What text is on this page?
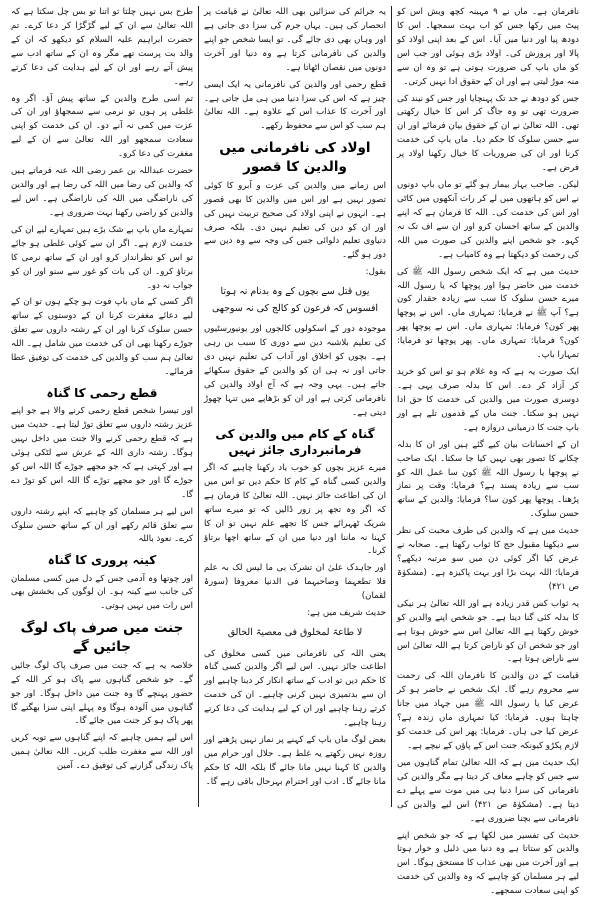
نافرمان ہے۔ ماں نے ۹ مہینہ کچھ ویش اس کو پیٹ میں رکھا جس کو اب بہت سمجھا۔ اس کا دودھ پیا اور دنیا میں آیا۔ اس کے بعد اپنی اولاد کو پالا اور پرورش کی۔ اولاد بڑی ہوئی اور جب اس کو ماں باپ کی ضرورت ہوتی ہے تو وہ ان سے منہ موڑ لیتی ہے اور ان کے حقوق ادا نہیں کرتی۔

جس کو دودھ نے حد تک پہنچایا اور جس کو نیند کی ضرورت تھی تو وہ جاگ کر اس کا خیال رکھتی تھی۔ اللہ تعالیٰ نے ان کے حقوق بیان فرمائے اور ان سے حسن سلوک کا حکم دیا۔ ماں باپ کی خدمت کرنا اور ان کی ضروریات کا خیال رکھنا اولاد پر فرض ہے۔

لیکن۔ صاحب بہار بیمار ہو گئے تو ماں باپ دونوں نے اس کو ہاتھوں میں لے کر رات آنکھوں میں کاٹی اور اس کی خدمت کی۔ اللہ کا فرمان ہے کہ اپنے والدین کے ساتھ احسان کرو اور ان سے اف تک نہ کہو۔ جو شخص اپنے والدین کی صورت میں اللہ کی رحمت کو دیکھتا ہے وہ کامیاب ہے۔

حدیث میں ہے کہ ایک شخص رسول اللہ ﷺ کی خدمت میں حاضر ہوا اور پوچھا کہ یا رسول اللہ میرے حسن سلوک کا سب سے زیادہ حقدار کون ہے؟ آپ ﷺ نے فرمایا: تمہاری ماں۔ اس نے پوچھا پھر کون؟ فرمایا: تمہاری ماں۔ اس نے پوچھا پھر کون؟ فرمایا: تمہاری ماں۔ پھر پوچھا تو فرمایا: تمہارا باپ۔

ایک صورت یہ ہے کہ وہ غلام ہو تو اس کو خرید کر آزاد کر دے۔ اس کا بدلہ صرف یہی ہے۔ دوسری صورت میں والدین کی خدمت کا حق ادا نہیں ہو سکتا۔ جنت ماں کے قدموں تلے ہے اور باپ جنت کا درمیانی دروازہ ہے۔

ان کے احسانات بیان کیے گئے ہیں اور ان کا بدلہ چکانے کا تصور بھی نہیں کیا جا سکتا۔ ایک صاحب نے پوچھا یا رسول اللہ ﷺ کون سا عمل اللہ کو سب سے زیادہ پسند ہے؟ فرمایا: وقت پر نماز پڑھنا۔ پوچھا پھر کون سا؟ فرمایا: والدین کے ساتھ حسن سلوک۔

حدیث میں ہے کہ والدین کی طرف محبت کی نظر سے دیکھنا مقبول حج کا ثواب رکھتا ہے۔ صحابہ نے عرض کیا اگر کوئی دن میں سو مرتبہ دیکھے؟ فرمایا: اللہ بہت بڑا اور بہت پاکیزہ ہے۔ (مشکوٰۃ ص ۴۲۱)

یہ ثواب کس قدر زیادہ ہے اور اللہ تعالیٰ ہر نیکی کا بدلہ کئی گنا دیتا ہے۔ جو شخص اپنے والدین کو خوش رکھتا ہے اللہ تعالیٰ اس سے خوش ہوتا ہے اور جو شخص ان کو ناراض کرتا ہے اللہ تعالیٰ اس سے ناراض ہوتا ہے۔

قیامت کے دن والدین کا نافرمان اللہ کی رحمت سے محروم رہے گا۔ ایک شخص نے حاضر ہو کر عرض کیا یا رسول اللہ ﷺ میں جہاد میں جانا چاہتا ہوں۔ فرمایا: کیا تمہاری ماں زندہ ہے؟ عرض کیا جی ہاں۔ فرمایا: پھر اس کی خدمت کو لازم پکڑو کیونکہ جنت اس کے پاؤں کے نیچے ہے۔

ایک حدیث میں ہے کہ اللہ تعالیٰ تمام گناہوں میں سے جس کو چاہے معاف کر دیتا ہے مگر والدین کی نافرمانی کی سزا دنیا ہی میں موت سے پہلے دے دیتا ہے۔ (مشکوٰۃ ص ۴۲۱) اس لیے والدین کی نافرمانی سے بچنا ضروری ہے۔

حدیث کی تفسیر میں لکھا ہے کہ جو شخص اپنے والدین کو ستاتا ہے وہ دنیا میں ذلیل و خوار ہوتا ہے اور آخرت میں بھی عذاب کا مستحق ہوگا۔ اس لیے ہر مسلمان کو چاہیے کہ وہ والدین کی خدمت کو اپنی سعادت سمجھے۔

یہ جرائم کی سزائیں بھی اللہ تعالیٰ نے قیامت پر انحصار کی ہیں۔ یہاں جرم کی سزا دی جاتی ہے اور وہاں بھی دی جائے گی۔ تو ایسا شخص جو اپنے والدین کی نافرمانی کرتا ہے وہ دنیا اور آخرت دونوں میں نقصان اٹھاتا ہے۔

قطع رحمی اور والدین کی نافرمانی یہ ایک ایسی چیز ہے کہ اس کی سزا دنیا میں ہی مل جاتی ہے۔ اور آخرت کا عذاب اس کے علاوہ ہے۔ اللہ تعالیٰ ہم سب کو اس سے محفوظ رکھے۔

اولاد کی نافرمانی میں والدین کا قصور

اس زمانے میں والدین کی عزت و آبرو کا کوئی تصور نہیں ہے اور اس میں والدین کا بھی قصور ہے۔ انہوں نے اپنی اولاد کی صحیح تربیت نہیں کی اور ان کو دین کی تعلیم نہیں دی۔ بلکہ صرف دنیاوی تعلیم دلوائی جس کی وجہ سے وہ دین سے دور ہو گئے۔

بقول:

یوں قتل سے بچوں کے وہ بدنام نہ ہوتا افسوس کہ فرعون کو کالج کی نہ سوجھی

موجودہ دور کے اسکولوں کالجوں اور یونیورسٹیوں کی تعلیم بلاشبہ دین سے دوری کا سبب بن رہی ہے۔ بچوں کو اخلاق اور آداب کی تعلیم نہیں دی جاتی اور نہ ہی ان کو والدین کے حقوق سکھائے جاتے ہیں۔ یہی وجہ ہے کہ آج اولاد والدین کی نافرمانی کرتی ہے اور ان کو بڑھاپے میں تنہا چھوڑ دیتی ہے۔

گناہ کے کام میں والدین کی فرمانبرداری جائز نہیں

میرے عزیز بچوں کو خوب یاد رکھنا چاہیے کہ اگر والدین کسی گناہ کے کام کا حکم دیں تو اس میں ان کی اطاعت جائز نہیں۔ اللہ تعالیٰ کا فرمان ہے کہ اگر وہ تجھ پر زور ڈالیں کہ تو میرے ساتھ شریک ٹھہرائے جس کا تجھے علم نہیں تو ان کا کہنا نہ ماننا اور دنیا میں ان کے ساتھ اچھا برتاؤ کرنا۔

اور جاہدک علیٰ ان تشرک بی ما لیس لک بہ علم فلا تطعہما وصاحبہما فی الدنیا معروفا (سورۂ لقمان)

حدیث شریف میں ہے:

لا طاعۃ لمخلوق فی معصیۃ الخالق

یعنی اللہ کی نافرمانی میں کسی مخلوق کی اطاعت جائز نہیں۔ اس لیے اگر والدین کسی گناہ کا حکم دیں تو ادب کے ساتھ انکار کر دینا چاہیے اور ان سے بدتمیزی نہیں کرنی چاہیے۔ ان کی خدمت کرتے رہنا چاہیے اور ان کے لیے ہدایت کی دعا کرتے رہنا چاہیے۔

بعض لوگ ماں باپ کے کہنے پر نماز نہیں پڑھتے اور روزہ نہیں رکھتے یہ غلط ہے۔ حلال اور حرام میں والدین کا کہنا نہیں مانا جائے گا بلکہ اللہ کا حکم مانا جائے گا۔ ادب اور احترام بہرحال باقی رہے گا۔

طرح بس نہیں چلتا تو اتنا تو بس چل سکتا ہے کہ اللہ تعالیٰ سے ان کے لیے گڑگڑا کر دعا کرے۔ تم حضرت ابراہیم علیہ السلام کو دیکھو کہ ان کے والد بت پرست تھے مگر وہ ان کے ساتھ ادب سے پیش آتے رہے اور ان کے لیے ہدایت کی دعا کرتے رہے۔

تم اسی طرح والدین کے ساتھ پیش آؤ۔ اگر وہ غلطی پر ہوں تو نرمی سے سمجھاؤ اور ان کی عزت میں کمی نہ آنے دو۔ ان کی خدمت کو اپنی سعادت سمجھو اور اللہ تعالیٰ سے ان کے لیے مغفرت کی دعا کرو۔

حضرت عبداللہ بن عمر رضی اللہ عنہ فرماتے ہیں کہ والدین کی رضا میں اللہ کی رضا ہے اور والدین کی ناراضگی میں اللہ کی ناراضگی ہے۔ اس لیے والدین کو راضی رکھنا بہت ضروری ہے۔

تمہارے ماں باپ بے شک بڑے ہیں تمہارے لیے ان کی خدمت لازم ہے۔ اگر ان سے کوئی غلطی ہو جائے تو اس کو نظرانداز کرو اور ان کے ساتھ نرمی کا برتاؤ کرو۔ ان کی بات کو غور سے سنو اور ان کو جواب نہ دو۔

اگر کسی کے ماں باپ فوت ہو چکے ہوں تو ان کے لیے دعائے مغفرت کرنا ان کے دوستوں کے ساتھ حسن سلوک کرنا اور ان کے رشتہ داروں سے تعلق جوڑے رکھنا بھی ان کی خدمت میں شامل ہے۔ اللہ تعالیٰ ہم سب کو والدین کی خدمت کی توفیق عطا فرمائے۔

قطع رحمی کا گناہ

اور تیسرا شخص قطع رحمی کرنے والا ہے جو اپنے عزیز رشتہ داروں سے تعلق توڑ لیتا ہے۔ حدیث میں ہے کہ قطع رحمی کرنے والا جنت میں داخل نہیں ہوگا۔ رشتہ داری اللہ کے عرش سے لٹکی ہوئی ہے اور کہتی ہے کہ جو مجھے جوڑے گا اللہ اس کو جوڑے گا اور جو مجھے توڑے گا اللہ اس کو توڑ دے گا۔

اس لیے ہر مسلمان کو چاہیے کہ اپنے رشتہ داروں سے تعلق قائم رکھے اور ان کے ساتھ حسن سلوک کرے۔ نعوذ باللہ

کینہ پروری کا گناہ

اور چوتھا وہ آدمی جس کے دل میں کسی مسلمان کی جانب سے کینہ ہو۔ ان لوگوں کی بخشش بھی اس رات میں نہیں ہوتی۔

جنت میں صرف پاک لوگ جائیں گے

خلاصہ یہ ہے کہ جنت میں صرف پاک لوگ جائیں گے۔ جو شخص گناہوں سے پاک ہو کر اللہ کے حضور پہنچے گا وہ جنت میں داخل ہوگا۔ اور جو گناہوں میں آلودہ ہوگا وہ پہلے اپنی سزا بھگتے گا پھر پاک ہو کر جنت میں جائے گا۔

اس لیے ہمیں چاہیے کہ اپنے گناہوں سے توبہ کریں اور اللہ سے مغفرت طلب کریں۔ اللہ تعالیٰ ہمیں پاک زندگی گزارنے کی توفیق دے۔ آمین
